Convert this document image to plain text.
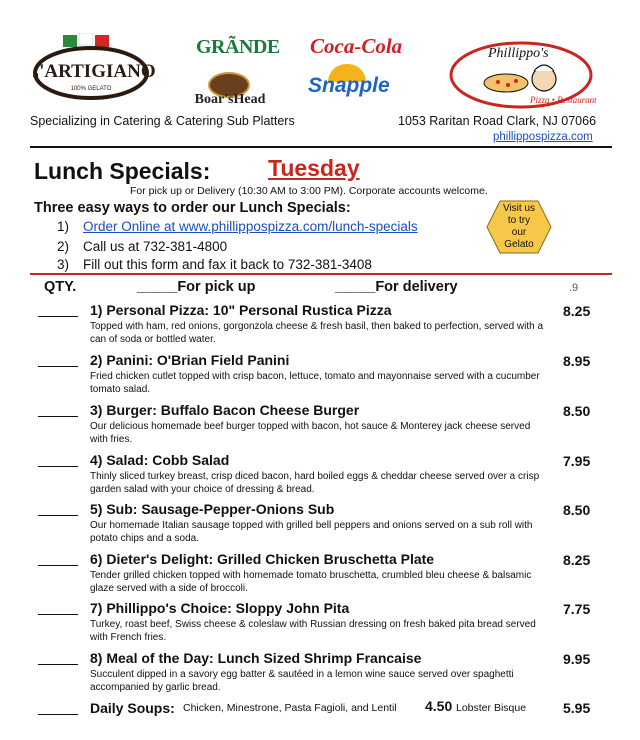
L'ARTIGIANO
100% GELATO
GRÃNDE
Boar'sHead
Coca-Cola
Snapple
Phillippo's
Pizza • Restaurant
Specializing in Catering & Catering Sub Platters	1053 Raritan Road Clark, NJ 07066
phillippospizza.com
Lunch Specials:	Tuesday
For pick up or Delivery (10:30 AM to 3:00 PM). Corporate accounts welcome.
Three easy ways to order our Lunch Specials:
1) Order Online at www.phillippospizza.com/lunch-specials
2) Call us at 732-381-4800
3) Fill out this form and fax it back to 732-381-3408
Visit us
to try
our
Gelato
QTY.	_____For pick up	_____For delivery	.9
1) Personal Pizza: 10" Personal Rustica Pizza
Topped with ham, red onions, gorgonzola cheese & fresh basil, then baked to perfection, served with a can of soda or bottled water.
8.25
2) Panini: O'Brian Field Panini
Fried chicken cutlet topped with crisp bacon, lettuce, tomato and mayonnaise served with a cucumber tomato salad.
8.95
3) Burger: Buffalo Bacon Cheese Burger
Our delicious homemade beef burger topped with bacon, hot sauce & Monterey jack cheese served with fries.
8.50
4) Salad: Cobb Salad
Thinly sliced turkey breast, crisp diced bacon, hard boiled eggs & cheddar cheese served over a crisp garden salad with your choice of dressing & bread.
7.95
5) Sub: Sausage-Pepper-Onions Sub
Our homemade Italian sausage topped with grilled bell peppers and onions served on a sub roll with potato chips and a soda.
8.50
6) Dieter's Delight: Grilled Chicken Bruschetta Plate
Tender grilled chicken topped with homemade tomato bruschetta, crumbled bleu cheese & balsamic glaze served with a side of broccoli.
8.25
7) Phillippo's Choice: Sloppy John Pita
Turkey, roast beef, Swiss cheese & coleslaw with Russian dressing on fresh baked pita bread served with French fries.
7.75
8) Meal of the Day: Lunch Sized Shrimp Francaise
Succulent dipped in a savory egg batter & sautéed in a lemon wine sauce served over spaghetti accompanied by garlic bread.
9.95
Daily Soups: Chicken, Minestrone, Pasta Fagioli, and Lentil 4.50 Lobster Bisque	5.95
